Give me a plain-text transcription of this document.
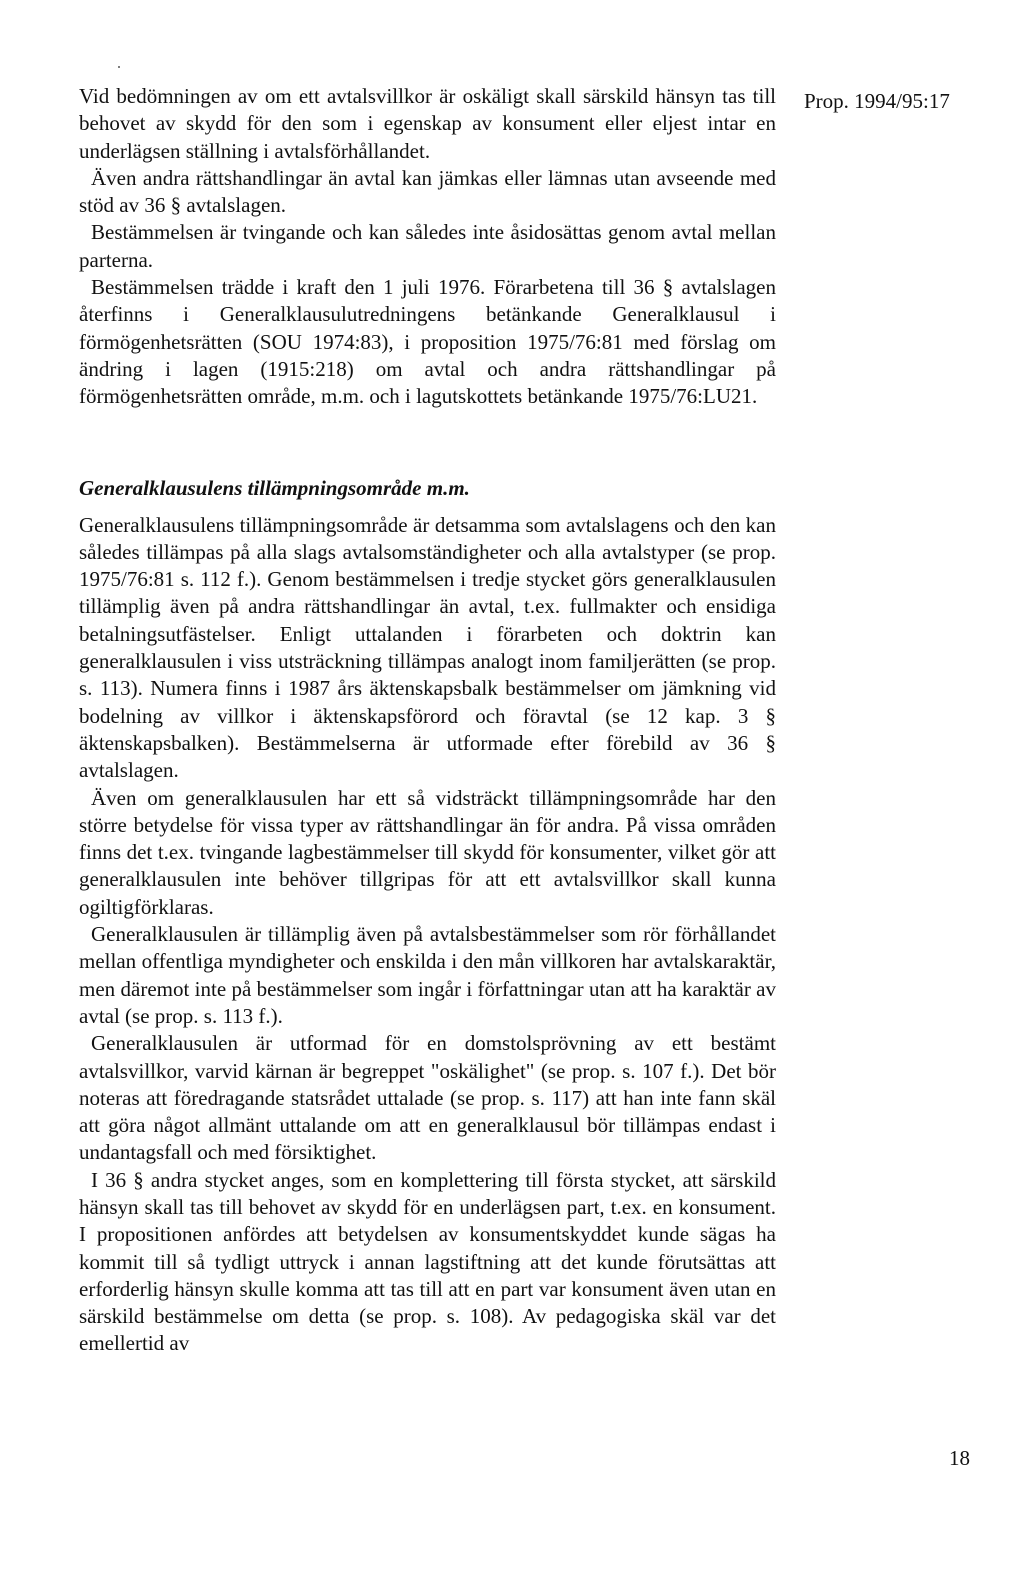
Prop. 1994/95:17

Vid bedömningen av om ett avtalsvillkor är oskäligt skall särskild hänsyn tas till behovet av skydd för den som i egenskap av konsument eller eljest intar en underlägsen ställning i avtalsförhållandet.

Även andra rättshandlingar än avtal kan jämkas eller lämnas utan avseende med stöd av 36 § avtalslagen.

Bestämmelsen är tvingande och kan således inte åsidosättas genom avtal mellan parterna.

Bestämmelsen trädde i kraft den 1 juli 1976. Förarbetena till 36 § avtalslagen återfinns i Generalklausulutredningens betänkande Generalklausul i förmögenhetsrätten (SOU 1974:83), i proposition 1975/76:81 med förslag om ändring i lagen (1915:218) om avtal och andra rättshandlingar på förmögenhetsrätten område, m.m. och i lagutskottets betänkande 1975/76:LU21.

Generalklausulens tillämpningsområde m.m.

Generalklausulens tillämpningsområde är detsamma som avtalslagens och den kan således tillämpas på alla slags avtalsomständigheter och alla avtalstyper (se prop. 1975/76:81 s. 112 f.). Genom bestämmelsen i tredje stycket görs generalklausulen tillämplig även på andra rättshandlingar än avtal, t.ex. fullmakter och ensidiga betalningsutfästelser. Enligt uttalanden i förarbeten och doktrin kan generalklausulen i viss utsträckning tillämpas analogt inom familjerätten (se prop. s. 113). Numera finns i 1987 års äktenskapsbalk bestämmelser om jämkning vid bodelning av villkor i äktenskapsförord och föravtal (se 12 kap. 3 § äktenskapsbalken). Bestämmelserna är utformade efter förebild av 36 § avtalslagen.

Även om generalklausulen har ett så vidsträckt tillämpningsområde har den större betydelse för vissa typer av rättshandlingar än för andra. På vissa områden finns det t.ex. tvingande lagbestämmelser till skydd för konsumenter, vilket gör att generalklausulen inte behöver tillgripas för att ett avtalsvillkor skall kunna ogiltigförklaras.

Generalklausulen är tillämplig även på avtalsbestämmelser som rör förhållandet mellan offentliga myndigheter och enskilda i den mån villkoren har avtalskaraktär, men däremot inte på bestämmelser som ingår i författningar utan att ha karaktär av avtal (se prop. s. 113 f.).

Generalklausulen är utformad för en domstolsprövning av ett bestämt avtalsvillkor, varvid kärnan är begreppet "oskälighet" (se prop. s. 107 f.). Det bör noteras att föredragande statsrådet uttalade (se prop. s. 117) att han inte fann skäl att göra något allmänt uttalande om att en generalklausul bör tillämpas endast i undantagsfall och med försiktighet.

I 36 § andra stycket anges, som en komplettering till första stycket, att särskild hänsyn skall tas till behovet av skydd för en underlägsen part, t.ex. en konsument. I propositionen anfördes att betydelsen av konsumentskyddet kunde sägas ha kommit till så tydligt uttryck i annan lagstiftning att det kunde förutsättas att erforderlig hänsyn skulle komma att tas till att en part var konsument även utan en särskild bestämmelse om detta (se prop. s. 108). Av pedagogiska skäl var det emellertid av

18
